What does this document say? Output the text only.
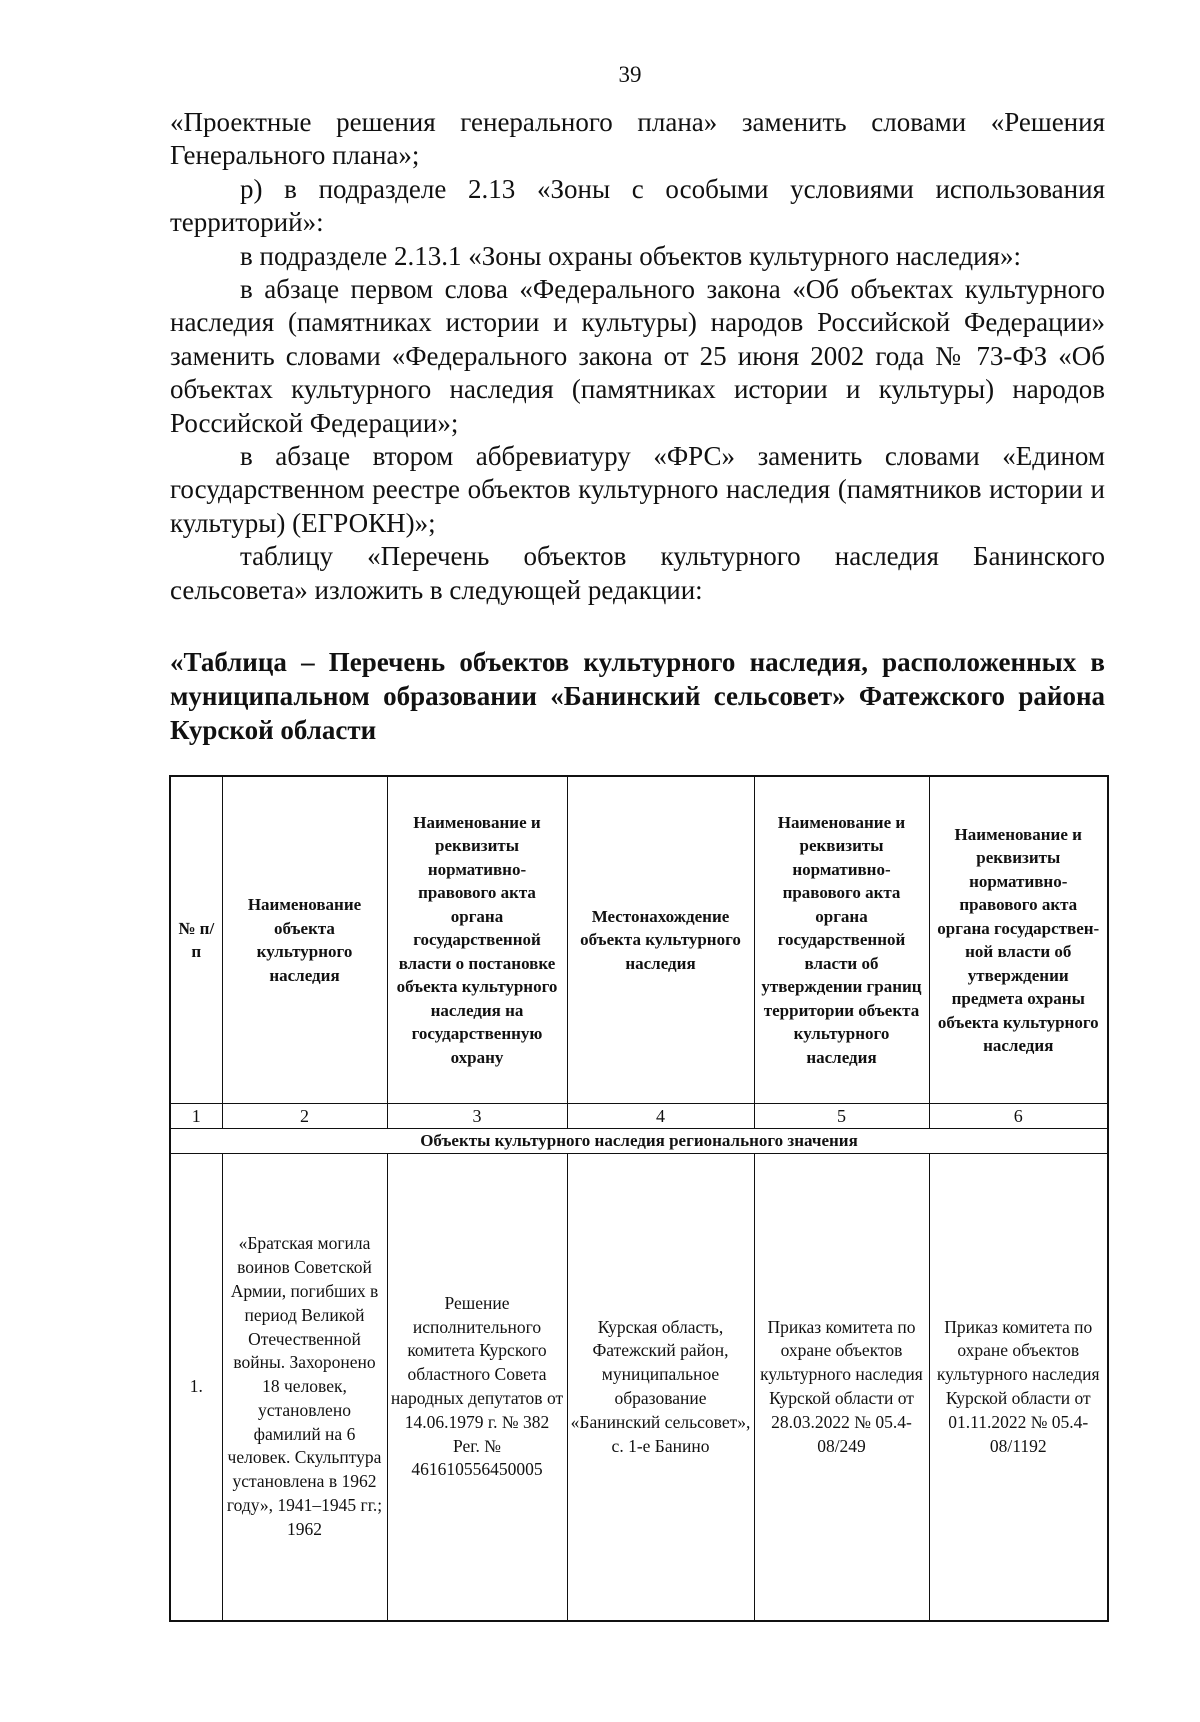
39

«Проектные решения генерального плана» заменить словами «Решения Генерального плана»;

р) в подразделе 2.13 «Зоны с особыми условиями использования территорий»:

в подразделе 2.13.1 «Зоны охраны объектов культурного наследия»:

в абзаце первом слова «Федерального закона «Об объектах культурного наследия (памятниках истории и культуры) народов Российской Федерации» заменить словами «Федерального закона от 25 июня 2002 года № 73-ФЗ «Об объектах культурного наследия (памятниках истории и культуры) народов Российской Федерации»;

в абзаце втором аббревиатуру «ФРС» заменить словами «Едином государственном реестре объектов культурного наследия (памятников истории и культуры) (ЕГРОКН)»;

таблицу «Перечень объектов культурного наследия Банинского сельсовета» изложить в следующей редакции:

«Таблица – Перечень объектов культурного наследия, расположенных в муниципальном образовании «Банинский сельсовет» Фатежского района Курской области
№ п/п	Наименование объекта культурного наследия	Наименование и реквизиты нормативно-правового акта органа государственной власти о постановке объекта культурного наследия на государственную охрану	Местонахождение объекта культурного наследия	Наименование и реквизиты нормативно-правового акта органа государственной власти об утверждении границ территории объекта культурного наследия	Наименование и реквизиты нормативно-правового акта органа государствен-ной власти об утверждении предмета охраны объекта культурного наследия
1	2	3	4	5	6
Объекты культурного наследия регионального значения					
1.	«Братская могила воинов Советской Армии, погибших в период Великой Отечественной войны. Захоронено 18 человек, установлено фамилий на 6 человек. Скульптура установлена в 1962 году», 1941–1945 гг.; 1962	Решение исполнительного комитета Курского областного Совета народных депутатов от 14.06.1979 г. № 382 Рег. № 461610556450005	Курская область, Фатежский район, муниципальное образование «Банинский сельсовет», с. 1-е Банино	Приказ комитета по охране объектов культурного наследия Курской области от 28.03.2022 № 05.4-08/249	Приказ комитета по охране объектов культурного наследия Курской области от 01.11.2022 № 05.4-08/1192
